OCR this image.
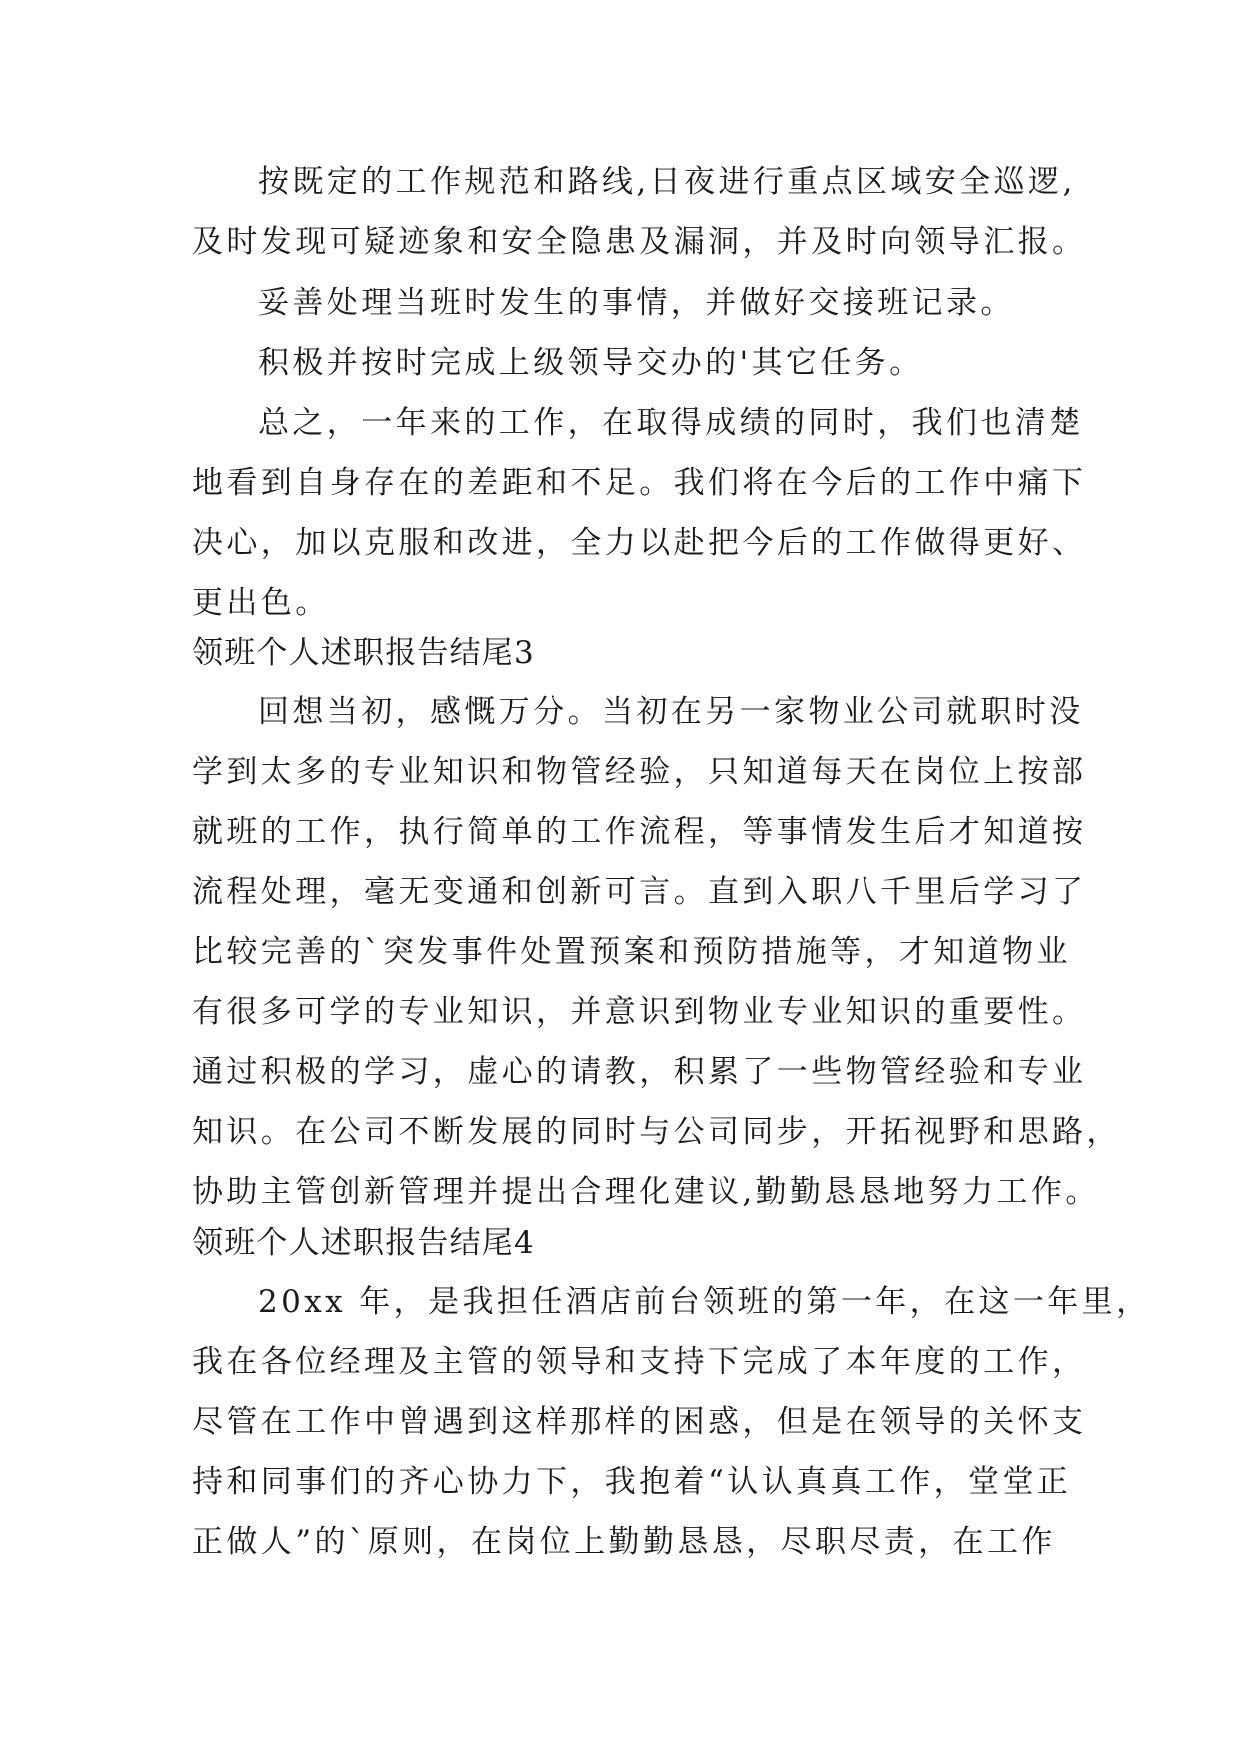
按既定的工作规范和路线,日夜进行重点区域安全巡逻,
及时发现可疑迹象和安全隐患及漏洞，并及时向领导汇报。
妥善处理当班时发生的事情，并做好交接班记录。
积极并按时完成上级领导交办的'其它任务。
总之，一年来的工作，在取得成绩的同时，我们也清楚
地看到自身存在的差距和不足。我们将在今后的工作中痛下
决心，加以克服和改进，全力以赴把今后的工作做得更好、
更出色。
领班个人述职报告结尾3
回想当初，感慨万分。当初在另一家物业公司就职时没
学到太多的专业知识和物管经验，只知道每天在岗位上按部
就班的工作，执行简单的工作流程，等事情发生后才知道按
流程处理，毫无变通和创新可言。直到入职八千里后学习了
比较完善的`突发事件处置预案和预防措施等，才知道物业
有很多可学的专业知识，并意识到物业专业知识的重要性。
通过积极的学习，虚心的请教，积累了一些物管经验和专业
知识。在公司不断发展的同时与公司同步，开拓视野和思路，
协助主管创新管理并提出合理化建议,勤勤恳恳地努力工作。
领班个人述职报告结尾4
20xx 年，是我担任酒店前台领班的第一年，在这一年里，
我在各位经理及主管的领导和支持下完成了本年度的工作，
尽管在工作中曾遇到这样那样的困惑，但是在领导的关怀支
持和同事们的齐心协力下，我抱着“认认真真工作，堂堂正
正做人”的`原则，在岗位上勤勤恳恳，尽职尽责，在工作
